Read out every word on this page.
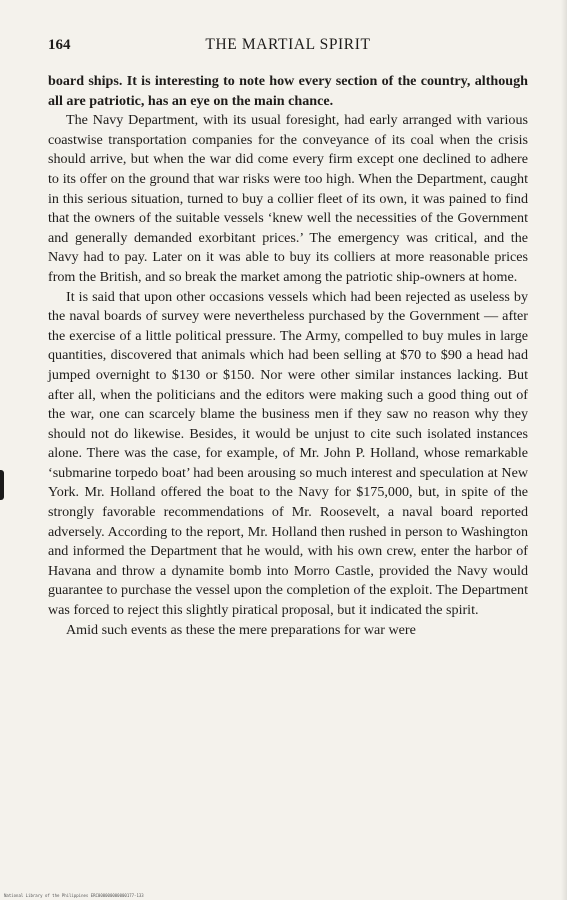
164	THE MARTIAL SPIRIT

board ships. It is interesting to note how every section of the country, although all are patriotic, has an eye on the main chance.

The Navy Department, with its usual foresight, had early arranged with various coastwise transportation companies for the conveyance of its coal when the crisis should arrive, but when the war did come every firm except one declined to adhere to its offer on the ground that war risks were too high. When the Department, caught in this serious situation, turned to buy a collier fleet of its own, it was pained to find that the owners of the suitable vessels ‘knew well the necessities of the Government and generally demanded exorbitant prices.’ The emergency was critical, and the Navy had to pay. Later on it was able to buy its colliers at more reasonable prices from the British, and so break the market among the patriotic ship-owners at home.

It is said that upon other occasions vessels which had been rejected as useless by the naval boards of survey were nevertheless purchased by the Government — after the exercise of a little political pressure. The Army, compelled to buy mules in large quantities, discovered that animals which had been selling at $70 to $90 a head had jumped overnight to $130 or $150. Nor were other similar instances lacking. But after all, when the politicians and the editors were making such a good thing out of the war, one can scarcely blame the business men if they saw no reason why they should not do likewise. Besides, it would be unjust to cite such isolated instances alone. There was the case, for example, of Mr. John P. Holland, whose remarkable ‘submarine torpedo boat’ had been arousing so much interest and speculation at New York. Mr. Holland offered the boat to the Navy for $175,000, but, in spite of the strongly favorable recommendations of Mr. Roosevelt, a naval board reported adversely. According to the report, Mr. Holland then rushed in person to Washington and informed the Department that he would, with his own crew, enter the harbor of Havana and throw a dynamite bomb into Morro Castle, provided the Navy would guarantee to purchase the vessel upon the completion of the exploit. The Department was forced to reject this slightly piratical proposal, but it indicated the spirit.

Amid such events as these the mere preparations for war were

National Library of the Philippines ERC000000000000177-133
